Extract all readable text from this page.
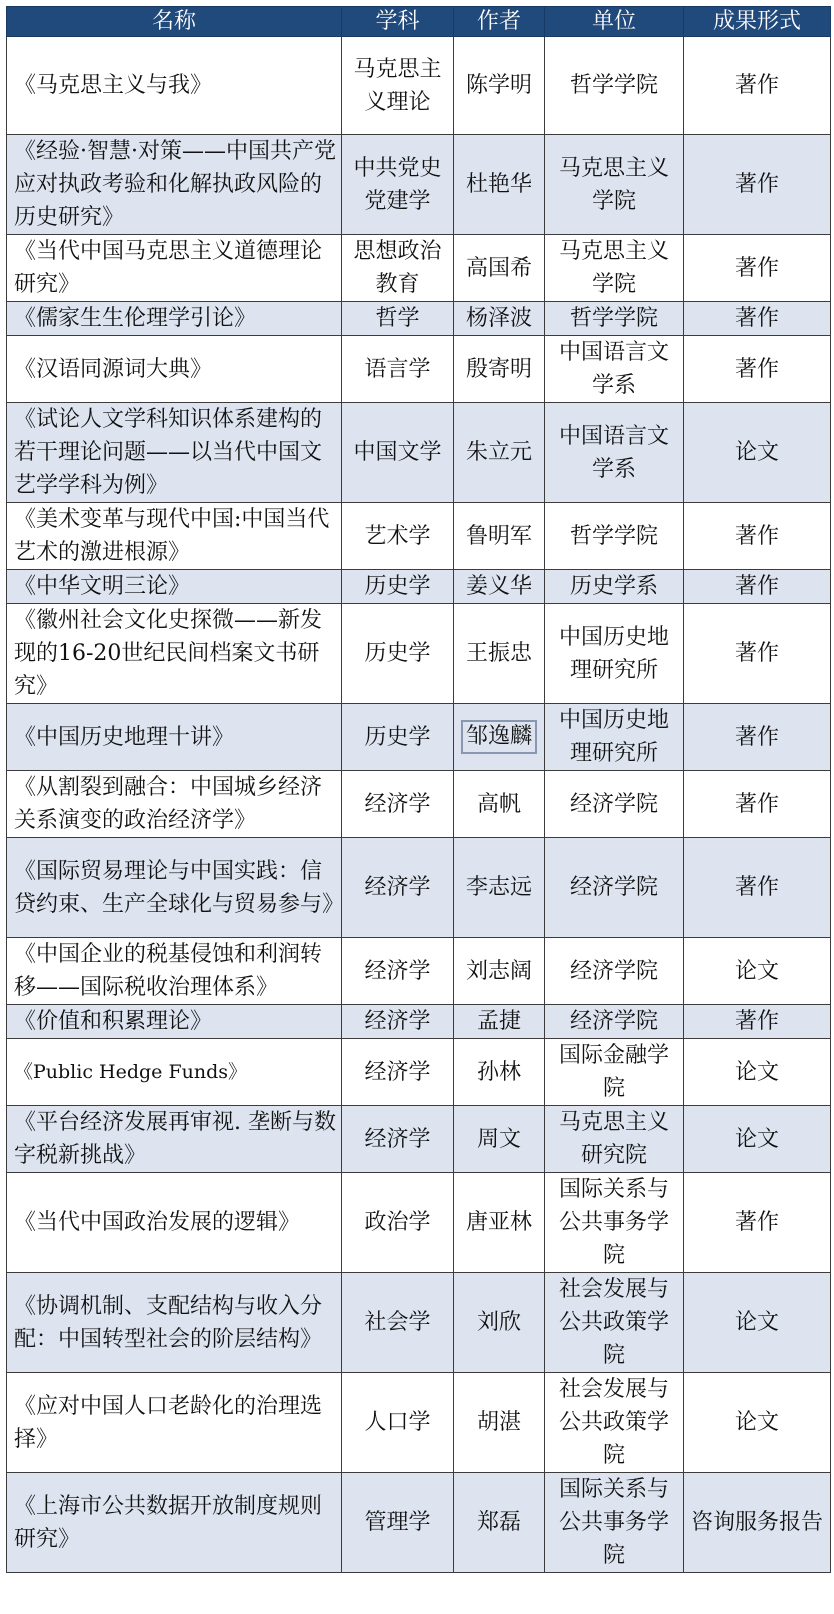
名称	学科	作者	单位	成果形式
《马克思主义与我》	马克思主义理论	陈学明	哲学学院	著作
《经验·智慧·对策——中国共产党应对执政考验和化解执政风险的历史研究》	中共党史党建学	杜艳华	马克思主义学院	著作
《当代中国马克思主义道德理论研究》	思想政治教育	高国希	马克思主义学院	著作
《儒家生生伦理学引论》	哲学	杨泽波	哲学学院	著作
《汉语同源词大典》	语言学	殷寄明	中国语言文学系	著作
《试论人文学科知识体系建构的若干理论问题——以当代中国文艺学学科为例》	中国文学	朱立元	中国语言文学系	论文
《美术变革与现代中国:中国当代艺术的激进根源》	艺术学	鲁明军	哲学学院	著作
《中华文明三论》	历史学	姜义华	历史学系	著作
《徽州社会文化史探微——新发现的16-20世纪民间档案文书研究》	历史学	王振忠	中国历史地理研究所	著作
《中国历史地理十讲》	历史学	邹逸麟	中国历史地理研究所	著作
《从割裂到融合：中国城乡经济关系演变的政治经济学》	经济学	高帆	经济学院	著作
《国际贸易理论与中国实践：信贷约束、生产全球化与贸易参与》	经济学	李志远	经济学院	著作
《中国企业的税基侵蚀和利润转移——国际税收治理体系》	经济学	刘志阔	经济学院	论文
《价值和积累理论》	经济学	孟捷	经济学院	著作
《Public Hedge Funds》	经济学	孙林	国际金融学院	论文
《平台经济发展再审视. 垄断与数字税新挑战》	经济学	周文	马克思主义研究院	论文
《当代中国政治发展的逻辑》	政治学	唐亚林	国际关系与公共事务学院	著作
《协调机制、支配结构与收入分配：中国转型社会的阶层结构》	社会学	刘欣	社会发展与公共政策学院	论文
《应对中国人口老龄化的治理选择》	人口学	胡湛	社会发展与公共政策学院	论文
《上海市公共数据开放制度规则研究》	管理学	郑磊	国际关系与公共事务学院	咨询服务报告
